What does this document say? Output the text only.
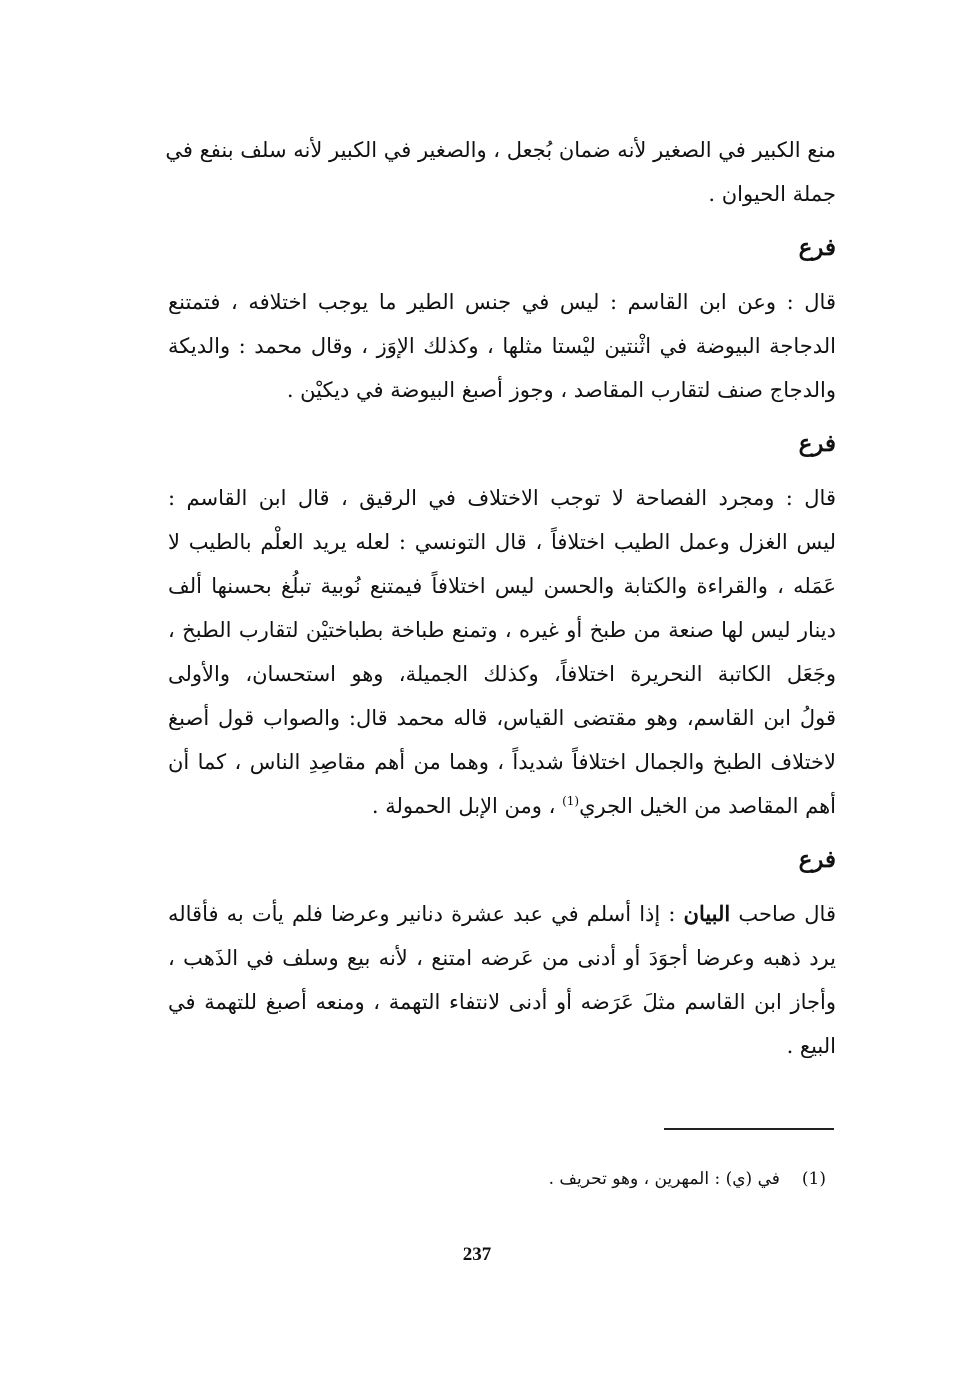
منع الكبير في الصغير لأنه ضمان بُجعل ، والصغير في الكبير لأنه سلف بنفع في
جملة الحيوان .

فرع

قال : وعن ابن القاسم : ليس في جنس الطير ما يوجب اختلافه ، فتمتنع
الدجاجة البيوضة في اثْنتين ليْستا مثلها ، وكذلك الإوَز ، وقال محمد : والديكة
والدجاج صنف لتقارب المقاصد ، وجوز أصبغ البيوضة في ديكيْن .

فرع

قال : ومجرد الفصاحة لا توجب الاختلاف في الرقيق ، قال ابن القاسم :
ليس الغزل وعمل الطيب اختلافاً ، قال التونسي : لعله يريد العلْم بالطيب لا
عَمَله ، والقراءة والكتابة والحسن ليس اختلافاً فيمتنع نُوبية تبلُغ بحسنها ألف
دينار ليس لها صنعة من طبخ أو غيره ، وتمنع طباخة بطباختيْن لتقارب الطبخ ،
وجَعَل الكاتبة النحريرة اختلافاً، وكذلك الجميلة، وهو استحسان، والأولى
قولُ ابن القاسم، وهو مقتضى القياس، قاله محمد قال: والصواب قول أصبغ
لاختلاف الطبخ والجمال اختلافاً شديداً ، وهما من أهم مقاصِدِ الناس ، كما أن
أهم المقاصد من الخيل الجري$^{(1)}$ ، ومن الإبل الحمولة .

فرع

قال صاحب البيان : إذا أسلم في عبد عشرة دنانير وعرضا فلم يأت به فأقاله
يرد ذهبه وعرضا أجوَدَ أو أدنى من عَرضه امتنع ، لأنه بيع وسلف في الذَهب ،
وأجاز ابن القاسم مثلَ عَرَضه أو أدنى لانتفاء التهمة ، ومنعه أصبغ للتهمة في
البيع .

(1)في (ي) : المهرين ، وهو تحريف .
237
